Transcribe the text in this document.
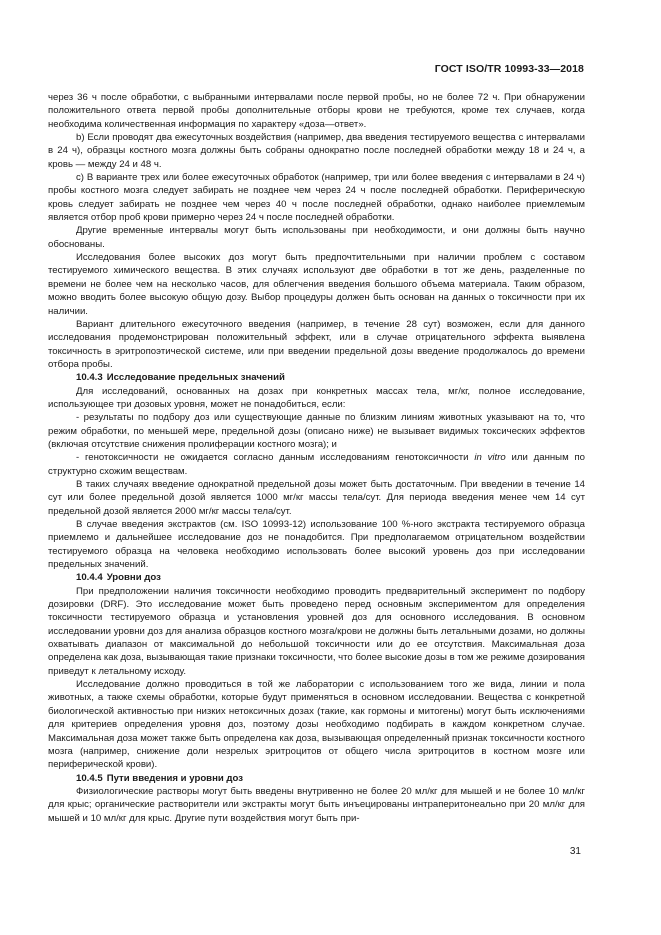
ГОСТ ISO/TR 10993-33—2018

через 36 ч после обработки, с выбранными интервалами после первой пробы, но не более 72 ч. При обнаружении положительного ответа первой пробы дополнительные отборы крови не требуются, кроме тех случаев, когда необходима количественная информация по характеру «доза—ответ».

b) Если проводят два ежесуточных воздействия (например, два введения тестируемого вещества с интервалами в 24 ч), образцы костного мозга должны быть собраны однократно после последней обработки между 18 и 24 ч, а кровь — между 24 и 48 ч.

c) В варианте трех или более ежесуточных обработок (например, три или более введения с интервалами в 24 ч) пробы костного мозга следует забирать не позднее чем через 24 ч после последней обработки. Периферическую кровь следует забирать не позднее чем через 40 ч после последней обработки, однако наиболее приемлемым является отбор проб крови примерно через 24 ч после последней обработки.

Другие временные интервалы могут быть использованы при необходимости, и они должны быть научно обоснованы.

Исследования более высоких доз могут быть предпочтительными при наличии проблем с составом тестируемого химического вещества. В этих случаях используют две обработки в тот же день, разделенные по времени не более чем на несколько часов, для облегчения введения большого объема материала. Таким образом, можно вводить более высокую общую дозу. Выбор процедуры должен быть основан на данных о токсичности при их наличии.

Вариант длительного ежесуточного введения (например, в течение 28 сут) возможен, если для данного исследования продемонстрирован положительный эффект, или в случае отрицательного эффекта выявлена токсичность в эритропоэтической системе, или при введении предельной дозы введение продолжалось до времени отбора пробы.

10.4.3 Исследование предельных значений

Для исследований, основанных на дозах при конкретных массах тела, мг/кг, полное исследование, использующее три дозовых уровня, может не понадобиться, если:

- результаты по подбору доз или существующие данные по близким линиям животных указывают на то, что режим обработки, по меньшей мере, предельной дозы (описано ниже) не вызывает видимых токсических эффектов (включая отсутствие снижения пролиферации костного мозга); и

- генотоксичности не ожидается согласно данным исследованиям генотоксичности in vitro или данным по структурно схожим веществам.

В таких случаях введение однократной предельной дозы может быть достаточным. При введении в течение 14 сут или более предельной дозой является 1000 мг/кг массы тела/сут. Для периода введения менее чем 14 сут предельной дозой является 2000 мг/кг массы тела/сут.

В случае введения экстрактов (см. ISO 10993-12) использование 100 %-ного экстракта тестируемого образца приемлемо и дальнейшее исследование доз не понадобится. При предполагаемом отрицательном воздействии тестируемого образца на человека необходимо использовать более высокий уровень доз при исследовании предельных значений.

10.4.4 Уровни доз

При предположении наличия токсичности необходимо проводить предварительный эксперимент по подбору дозировки (DRF). Это исследование может быть проведено перед основным экспериментом для определения токсичности тестируемого образца и установления уровней доз для основного исследования. В основном исследовании уровни доз для анализа образцов костного мозга/крови не должны быть летальными дозами, но должны охватывать диапазон от максимальной до небольшой токсичности или до ее отсутствия. Максимальная доза определена как доза, вызывающая такие признаки токсичности, что более высокие дозы в том же режиме дозирования приведут к летальному исходу.

Исследование должно проводиться в той же лаборатории с использованием того же вида, линии и пола животных, а также схемы обработки, которые будут применяться в основном исследовании. Вещества с конкретной биологической активностью при низких нетоксичных дозах (такие, как гормоны и митогены) могут быть исключениями для критериев определения уровня доз, поэтому дозы необходимо подбирать в каждом конкретном случае. Максимальная доза может также быть определена как доза, вызывающая определенный признак токсичности костного мозга (например, снижение доли незрелых эритроцитов от общего числа эритроцитов в костном мозге или периферической крови).

10.4.5 Пути введения и уровни доз

Физиологические растворы могут быть введены внутривенно не более 20 мл/кг для мышей и не более 10 мл/кг для крыс; органические растворители или экстракты могут быть инъецированы интраперитонеально при 20 мл/кг для мышей и 10 мл/кг для крыс. Другие пути воздействия могут быть при-

31
